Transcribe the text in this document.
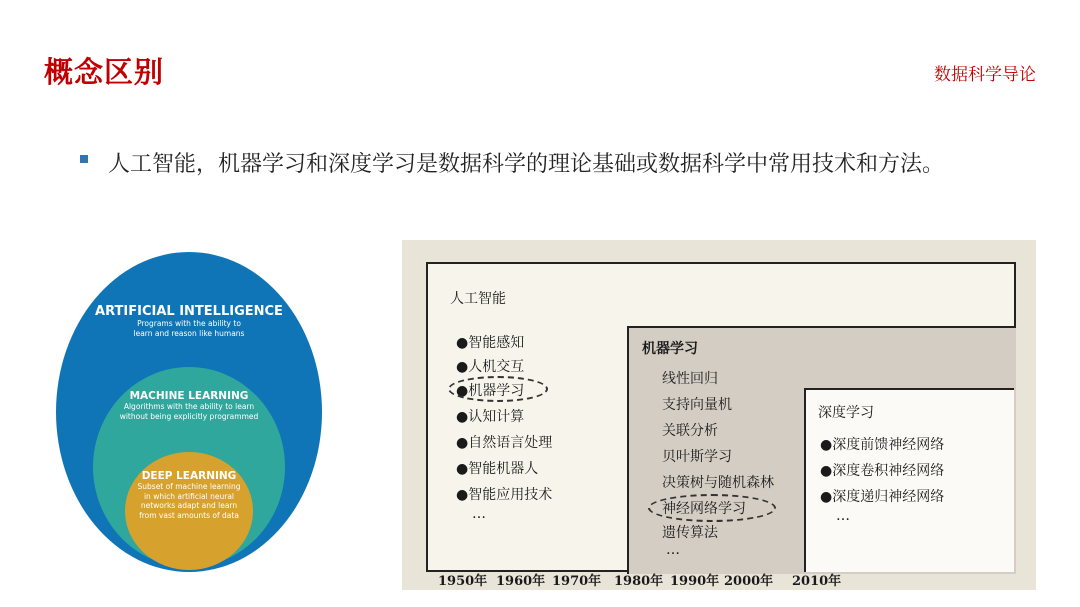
概念区别	数据科学导论
人工智能，机器学习和深度学习是数据科学的理论基础或数据科学中常用技术和方法。
ARTIFICIAL INTELLIGENCE
Programs with the ability to
learn and reason like humans
MACHINE LEARNING
Algorithms with the ability to learn
without being explicitly programmed
DEEP LEARNING
Subset of machine learning
in which artificial neural
networks adapt and learn
from vast amounts of data
人工智能
●智能感知
●人机交互
●机器学习
●认知计算
●自然语言处理
●智能机器人
●智能应用技术
…
机器学习
线性回归
支持向量机
关联分析
贝叶斯学习
决策树与随机森林
神经网络学习
遗传算法
…
深度学习
●深度前馈神经网络
●深度卷积神经网络
●深度递归神经网络
…
1950年 1960年 1970年 1980年 1990年 2000年 2010年
